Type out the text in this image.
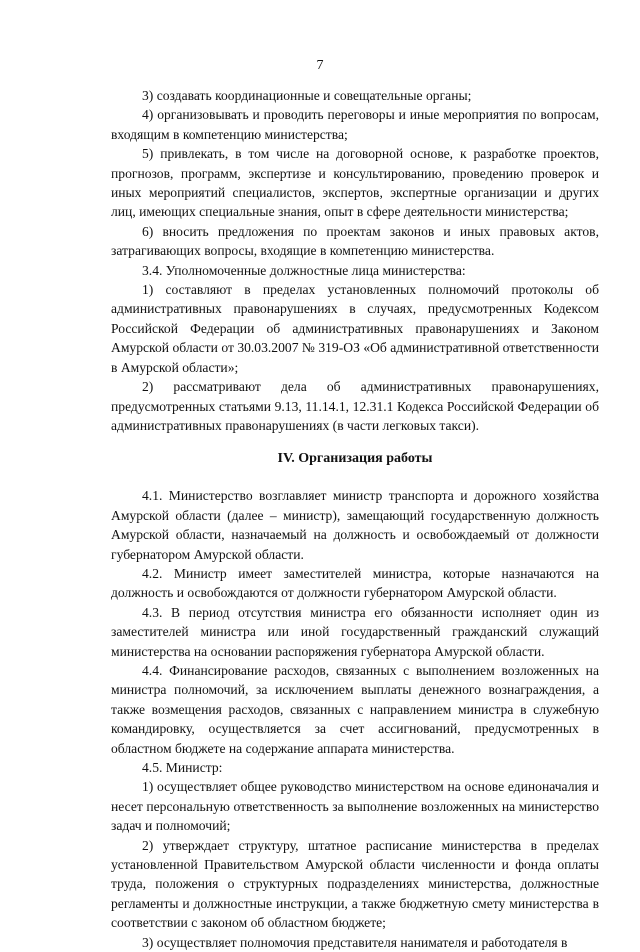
7

3) создавать координационные и совещательные органы;

4) организовывать и проводить переговоры и иные мероприятия по вопросам, входящим в компетенцию министерства;

5) привлекать, в том числе на договорной основе, к разработке проектов, прогнозов, программ, экспертизе и консультированию, проведению проверок и иных мероприятий специалистов, экспертов, экспертные организации и других лиц, имеющих специальные знания, опыт в сфере деятельности министерства;

6) вносить предложения по проектам законов и иных правовых актов, затрагивающих вопросы, входящие в компетенцию министерства.

3.4. Уполномоченные должностные лица министерства:

1) составляют в пределах установленных полномочий протоколы об административных правонарушениях в случаях, предусмотренных Кодексом Российской Федерации об административных правонарушениях и Законом Амурской области от 30.03.2007 № 319-ОЗ «Об административной ответственности в Амурской области»;

2) рассматривают дела об административных правонарушениях, предусмотренных статьями 9.13, 11.14.1, 12.31.1 Кодекса Российской Федерации об административных правонарушениях (в части легковых такси).

IV. Организация работы

4.1. Министерство возглавляет министр транспорта и дорожного хозяйства Амурской области (далее – министр), замещающий государственную должность Амурской области, назначаемый на должность и освобождаемый от должности губернатором Амурской области.

4.2. Министр имеет заместителей министра, которые назначаются на должность и освобождаются от должности губернатором Амурской области.

4.3. В период отсутствия министра его обязанности исполняет один из заместителей министра или иной государственный гражданский служащий министерства на основании распоряжения губернатора Амурской области.

4.4. Финансирование расходов, связанных с выполнением возложенных на министра полномочий, за исключением выплаты денежного вознаграждения, а также возмещения расходов, связанных с направлением министра в служебную командировку, осуществляется за счет ассигнований, предусмотренных в областном бюджете на содержание аппарата министерства.

4.5. Министр:

1) осуществляет общее руководство министерством на основе единоначалия и несет персональную ответственность за выполнение возложенных на министерство задач и полномочий;

2) утверждает структуру, штатное расписание министерства в пределах установленной Правительством Амурской области численности и фонда оплаты труда, положения о структурных подразделениях министерства, должностные регламенты и должностные инструкции, а также бюджетную смету министерства в соответствии с законом об областном бюджете;

3) осуществляет полномочия представителя нанимателя и работодателя в
